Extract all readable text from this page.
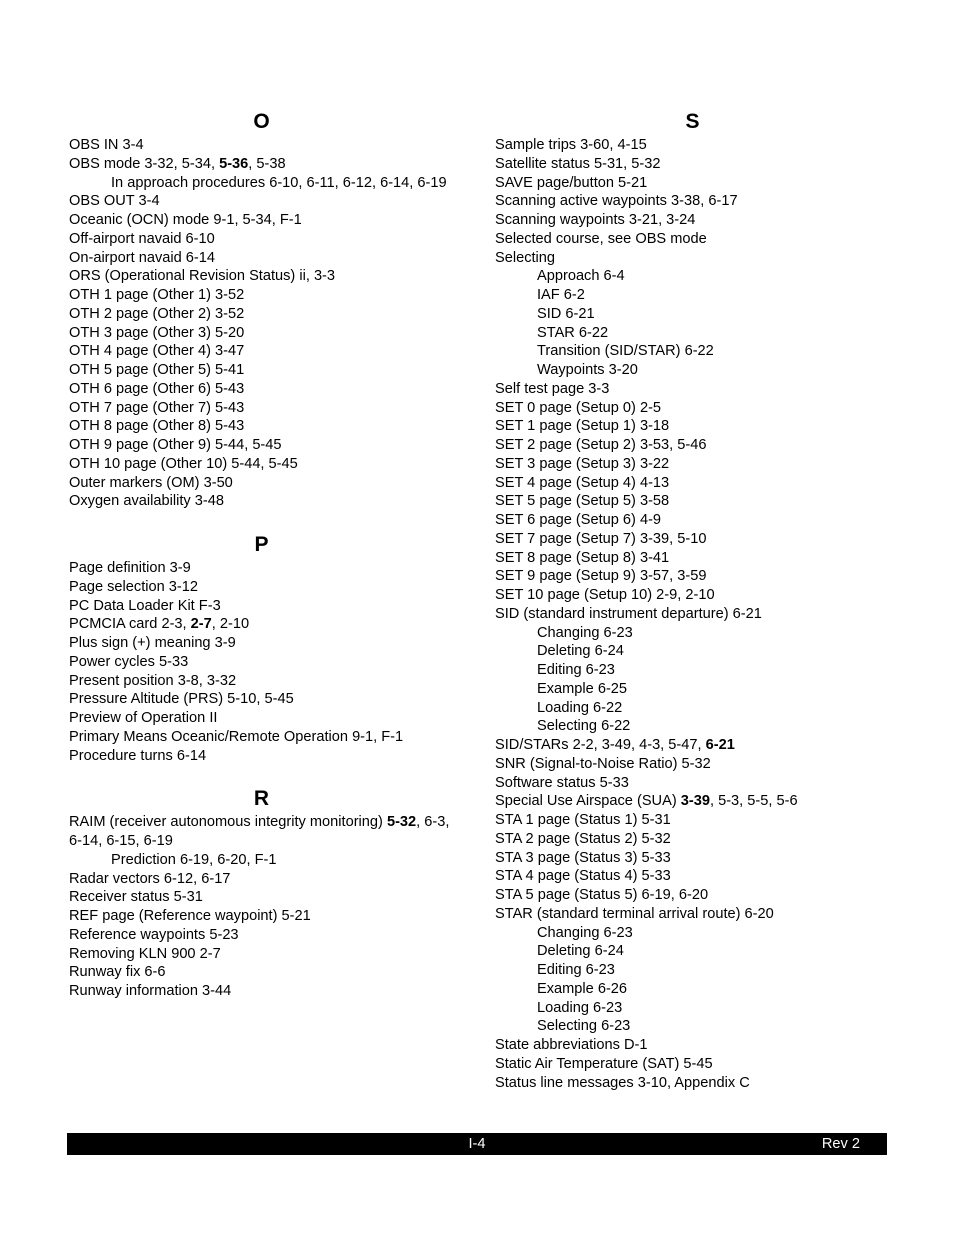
O
OBS IN 3-4
OBS mode 3-32, 5-34, 5-36, 5-38
In approach procedures 6-10, 6-11, 6-12, 6-14, 6-19
OBS OUT 3-4
Oceanic (OCN) mode 9-1, 5-34, F-1
Off-airport navaid 6-10
On-airport navaid 6-14
ORS (Operational Revision Status) ii, 3-3
OTH 1 page (Other 1) 3-52
OTH 2 page (Other 2) 3-52
OTH 3 page (Other 3) 5-20
OTH 4 page (Other 4) 3-47
OTH 5 page (Other 5) 5-41
OTH 6 page (Other 6) 5-43
OTH 7 page (Other 7) 5-43
OTH 8 page (Other 8) 5-43
OTH 9 page (Other 9) 5-44, 5-45
OTH 10 page (Other 10) 5-44, 5-45
Outer markers (OM) 3-50
Oxygen availability 3-48
P
Page definition 3-9
Page selection 3-12
PC Data Loader Kit F-3
PCMCIA card 2-3, 2-7, 2-10
Plus sign (+) meaning 3-9
Power cycles 5-33
Present position 3-8, 3-32
Pressure Altitude (PRS) 5-10, 5-45
Preview of Operation II
Primary Means Oceanic/Remote Operation 9-1, F-1
Procedure turns 6-14
R
RAIM (receiver autonomous integrity monitoring) 5-32, 6-3, 6-14, 6-15, 6-19
Prediction 6-19, 6-20, F-1
Radar vectors 6-12, 6-17
Receiver status 5-31
REF page (Reference waypoint) 5-21
Reference waypoints 5-23
Removing KLN 900 2-7
Runway fix 6-6
Runway information 3-44
S
Sample trips 3-60, 4-15
Satellite status 5-31, 5-32
SAVE page/button 5-21
Scanning active waypoints 3-38, 6-17
Scanning waypoints 3-21, 3-24
Selected course, see OBS mode
Selecting
Approach 6-4
IAF 6-2
SID 6-21
STAR 6-22
Transition (SID/STAR) 6-22
Waypoints 3-20
Self test page 3-3
SET 0 page (Setup 0) 2-5
SET 1 page (Setup 1) 3-18
SET 2 page (Setup 2) 3-53, 5-46
SET 3 page (Setup 3) 3-22
SET 4 page (Setup 4) 4-13
SET 5 page (Setup 5) 3-58
SET 6 page (Setup 6) 4-9
SET 7 page (Setup 7) 3-39, 5-10
SET 8 page (Setup 8) 3-41
SET 9 page (Setup 9) 3-57, 3-59
SET 10 page (Setup 10) 2-9, 2-10
SID (standard instrument departure) 6-21
Changing 6-23
Deleting 6-24
Editing 6-23
Example 6-25
Loading 6-22
Selecting 6-22
SID/STARs 2-2, 3-49, 4-3, 5-47, 6-21
SNR (Signal-to-Noise Ratio) 5-32
Software status 5-33
Special Use Airspace (SUA) 3-39, 5-3, 5-5, 5-6
STA 1 page (Status 1) 5-31
STA 2 page (Status 2) 5-32
STA 3 page (Status 3) 5-33
STA 4 page (Status 4) 5-33
STA 5 page (Status 5) 6-19, 6-20
STAR (standard terminal arrival route) 6-20
Changing 6-23
Deleting 6-24
Editing 6-23
Example 6-26
Loading 6-23
Selecting 6-23
State abbreviations D-1
Static Air Temperature (SAT) 5-45
Status line messages 3-10, Appendix C
I-4	Rev 2
